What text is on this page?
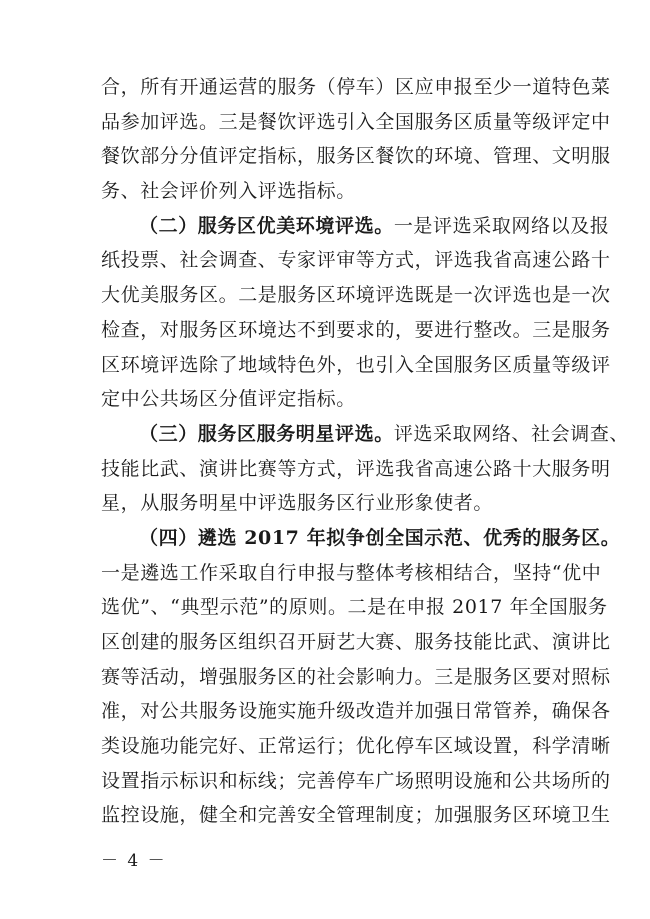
合，所有开通运营的服务（停车）区应申报至少一道特色菜
品参加评选。三是餐饮评选引入全国服务区质量等级评定中
餐饮部分分值评定指标，服务区餐饮的环境、管理、文明服
务、社会评价列入评选指标。
（二）服务区优美环境评选。一是评选采取网络以及报
纸投票、社会调查、专家评审等方式，评选我省高速公路十
大优美服务区。二是服务区环境评选既是一次评选也是一次
检查，对服务区环境达不到要求的，要进行整改。三是服务
区环境评选除了地域特色外，也引入全国服务区质量等级评
定中公共场区分值评定指标。
（三）服务区服务明星评选。评选采取网络、社会调查、
技能比武、演讲比赛等方式，评选我省高速公路十大服务明
星，从服务明星中评选服务区行业形象使者。
（四）遴选 2017 年拟争创全国示范、优秀的服务区。
一是遴选工作采取自行申报与整体考核相结合，坚持“优中
选优”、“典型示范”的原则。二是在申报 2017 年全国服务
区创建的服务区组织召开厨艺大赛、服务技能比武、演讲比
赛等活动，增强服务区的社会影响力。三是服务区要对照标
准，对公共服务设施实施升级改造并加强日常管养，确保各
类设施功能完好、正常运行；优化停车区域设置，科学清晰
设置指示标识和标线；完善停车广场照明设施和公共场所的
监控设施，健全和完善安全管理制度；加强服务区环境卫生
－ 4 －
